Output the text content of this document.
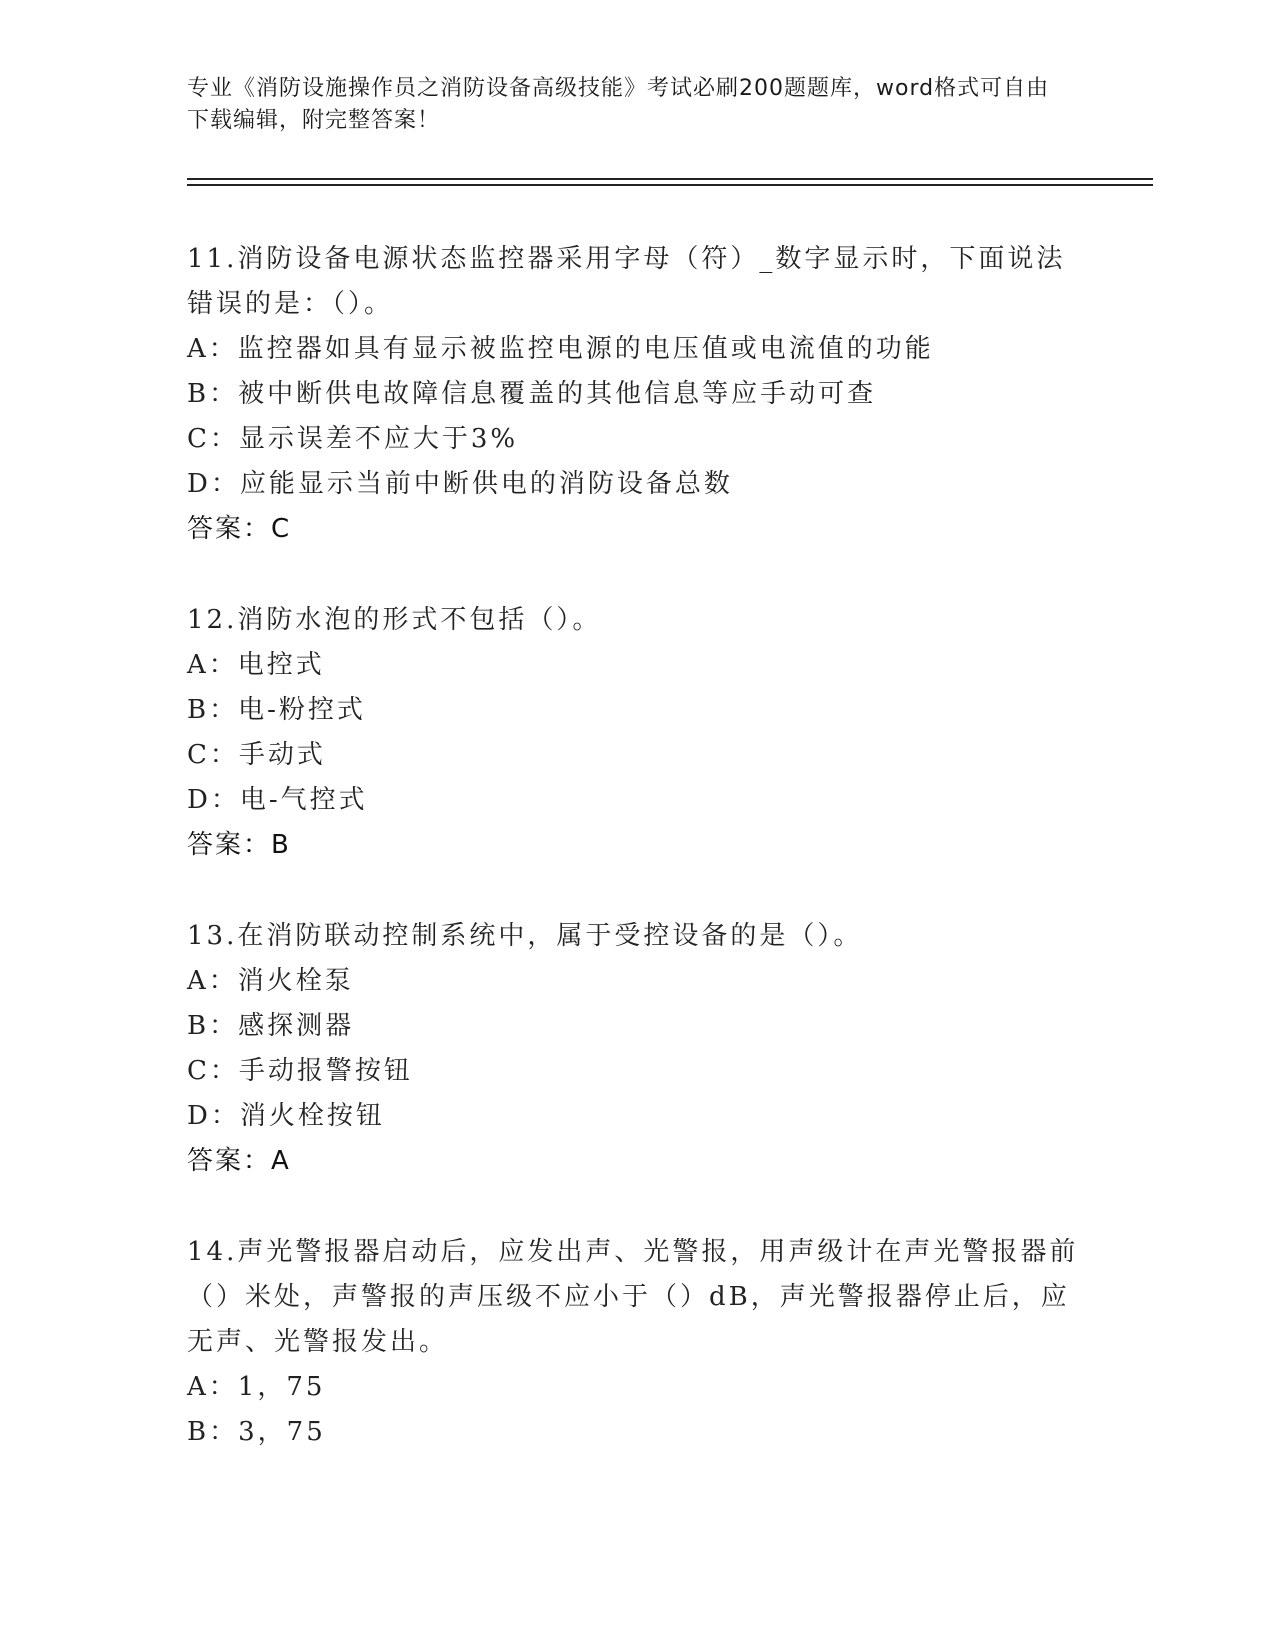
专业《消防设施操作员之消防设备高级技能》考试必刷200题题库，word格式可自由下载编辑，附完整答案！
11.消防设备电源状态监控器采用字母（符）_数字显示时，下面说法错误的是：（）。
A：监控器如具有显示被监控电源的电压值或电流值的功能
B：被中断供电故障信息覆盖的其他信息等应手动可查
C：显示误差不应大于3%
D：应能显示当前中断供电的消防设备总数
答案：C
12.消防水泡的形式不包括（）。
A：电控式
B：电-粉控式
C：手动式
D：电-气控式
答案：B
13.在消防联动控制系统中，属于受控设备的是（）。
A：消火栓泵
B：感探测器
C：手动报警按钮
D：消火栓按钮
答案：A
14.声光警报器启动后，应发出声、光警报，用声级计在声光警报器前（）米处，声警报的声压级不应小于（）dB，声光警报器停止后，应无声、光警报发出。
A：1，75
B：3，75
